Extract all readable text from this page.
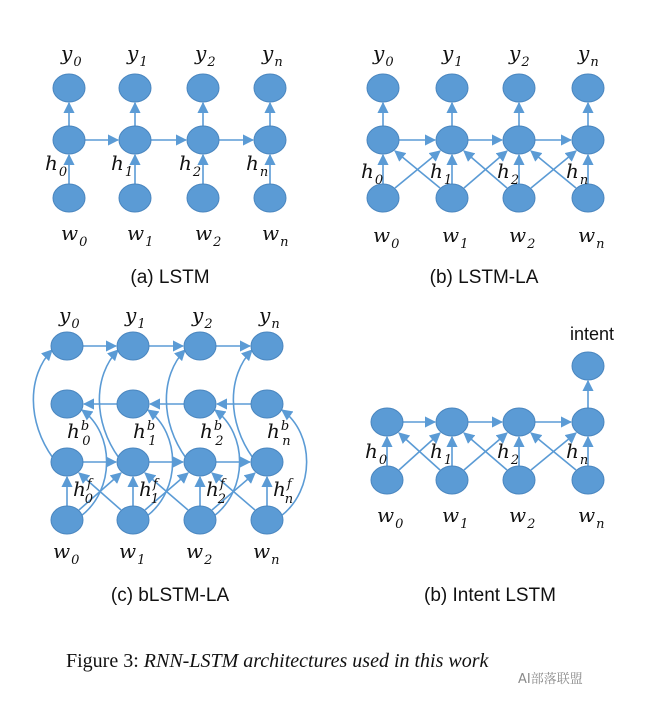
$y_0$
$h_0$
$w_0$
$y_1$
$h_1$
$w_1$
$y_2$
$h_2$
$w_2$
$y_n$
$h_n$
$w_n$
(a) LSTM
$y_0$
$h_0$
$w_0$
$y_1$
$h_1$
$w_1$
$y_2$
$h_2$
$w_2$
$y_n$
$h_n$
$w_n$
(b) LSTM-LA
$y_0$
$h^b$ 0
$h^f$ 0
$w_0$
$y_1$
$h^b$ 1
$h^f$ 1
$w_1$
$y_2$
$h^b$ 2
$h^f$ 2
$w_2$
$y_n$
$h^b$ n
$h^f$ n
$w_n$
(c) bLSTM-LA
$h_0$
$w_0$
$h_1$
$w_1$
$h_2$
$w_2$
$h_n$
$w_n$
intent
(b) Intent LSTM
Figure 3: RNN-LSTM architectures used in this work
AI部落联盟
